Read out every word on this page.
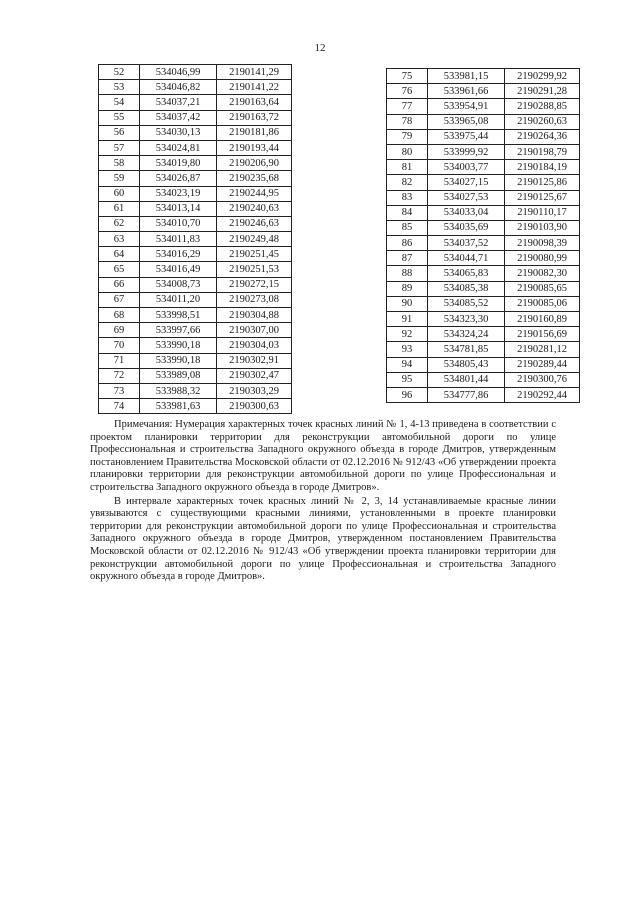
12
52	534046,99	2190141,29
53	534046,82	2190141,22
54	534037,21	2190163,64
55	534037,42	2190163,72
56	534030,13	2190181,86
57	534024,81	2190193,44
58	534019,80	2190206,90
59	534026,87	2190235,68
60	534023,19	2190244,95
61	534013,14	2190240,63
62	534010,70	2190246,63
63	534011,83	2190249,48
64	534016,29	2190251,45
65	534016,49	2190251,53
66	534008,73	2190272,15
67	534011,20	2190273,08
68	533998,51	2190304,88
69	533997,66	2190307,00
70	533990,18	2190304,03
71	533990,18	2190302,91
72	533989,08	2190302,47
73	533988,32	2190303,29
74	533981,63	2190300,63
75	533981,15	2190299,92
76	533961,66	2190291,28
77	533954,91	2190288,85
78	533965,08	2190260,63
79	533975,44	2190264,36
80	533999,92	2190198,79
81	534003,77	2190184,19
82	534027,15	2190125,86
83	534027,53	2190125,67
84	534033,04	2190110,17
85	534035,69	2190103,90
86	534037,52	2190098,39
87	534044,71	2190080,99
88	534065,83	2190082,30
89	534085,38	2190085,65
90	534085,52	2190085,06
91	534323,30	2190160,89
92	534324,24	2190156,69
93	534781,85	2190281,12
94	534805,43	2190289,44
95	534801,44	2190300,76
96	534777,86	2190292,44

Примечания: Нумерация характерных точек красных линий № 1, 4-13 приведена в соответствии с проектом планировки территории для реконструкции автомобильной дороги по улице Профессиональная и строительства Западного окружного объезда в городе Дмитров, утвержденным постановлением Правительства Московской области от 02.12.2016 № 912/43 «Об утверждении проекта планировки территории для реконструкции автомобильной дороги по улице Профессиональная и строительства Западного окружного объезда в городе Дмитров».

В интервале характерных точек красных линий № 2, 3, 14 устанавливаемые красные линии увязываются с существующими красными линиями, установленными в проекте планировки территории для реконструкции автомобильной дороги по улице Профессиональная и строительства Западного окружного объезда в городе Дмитров, утвержденном постановлением Правительства Московской области от 02.12.2016 № 912/43 «Об утверждении проекта планировки территории для реконструкции автомобильной дороги по улице Профессиональная и строительства Западного окружного объезда в городе Дмитров».
